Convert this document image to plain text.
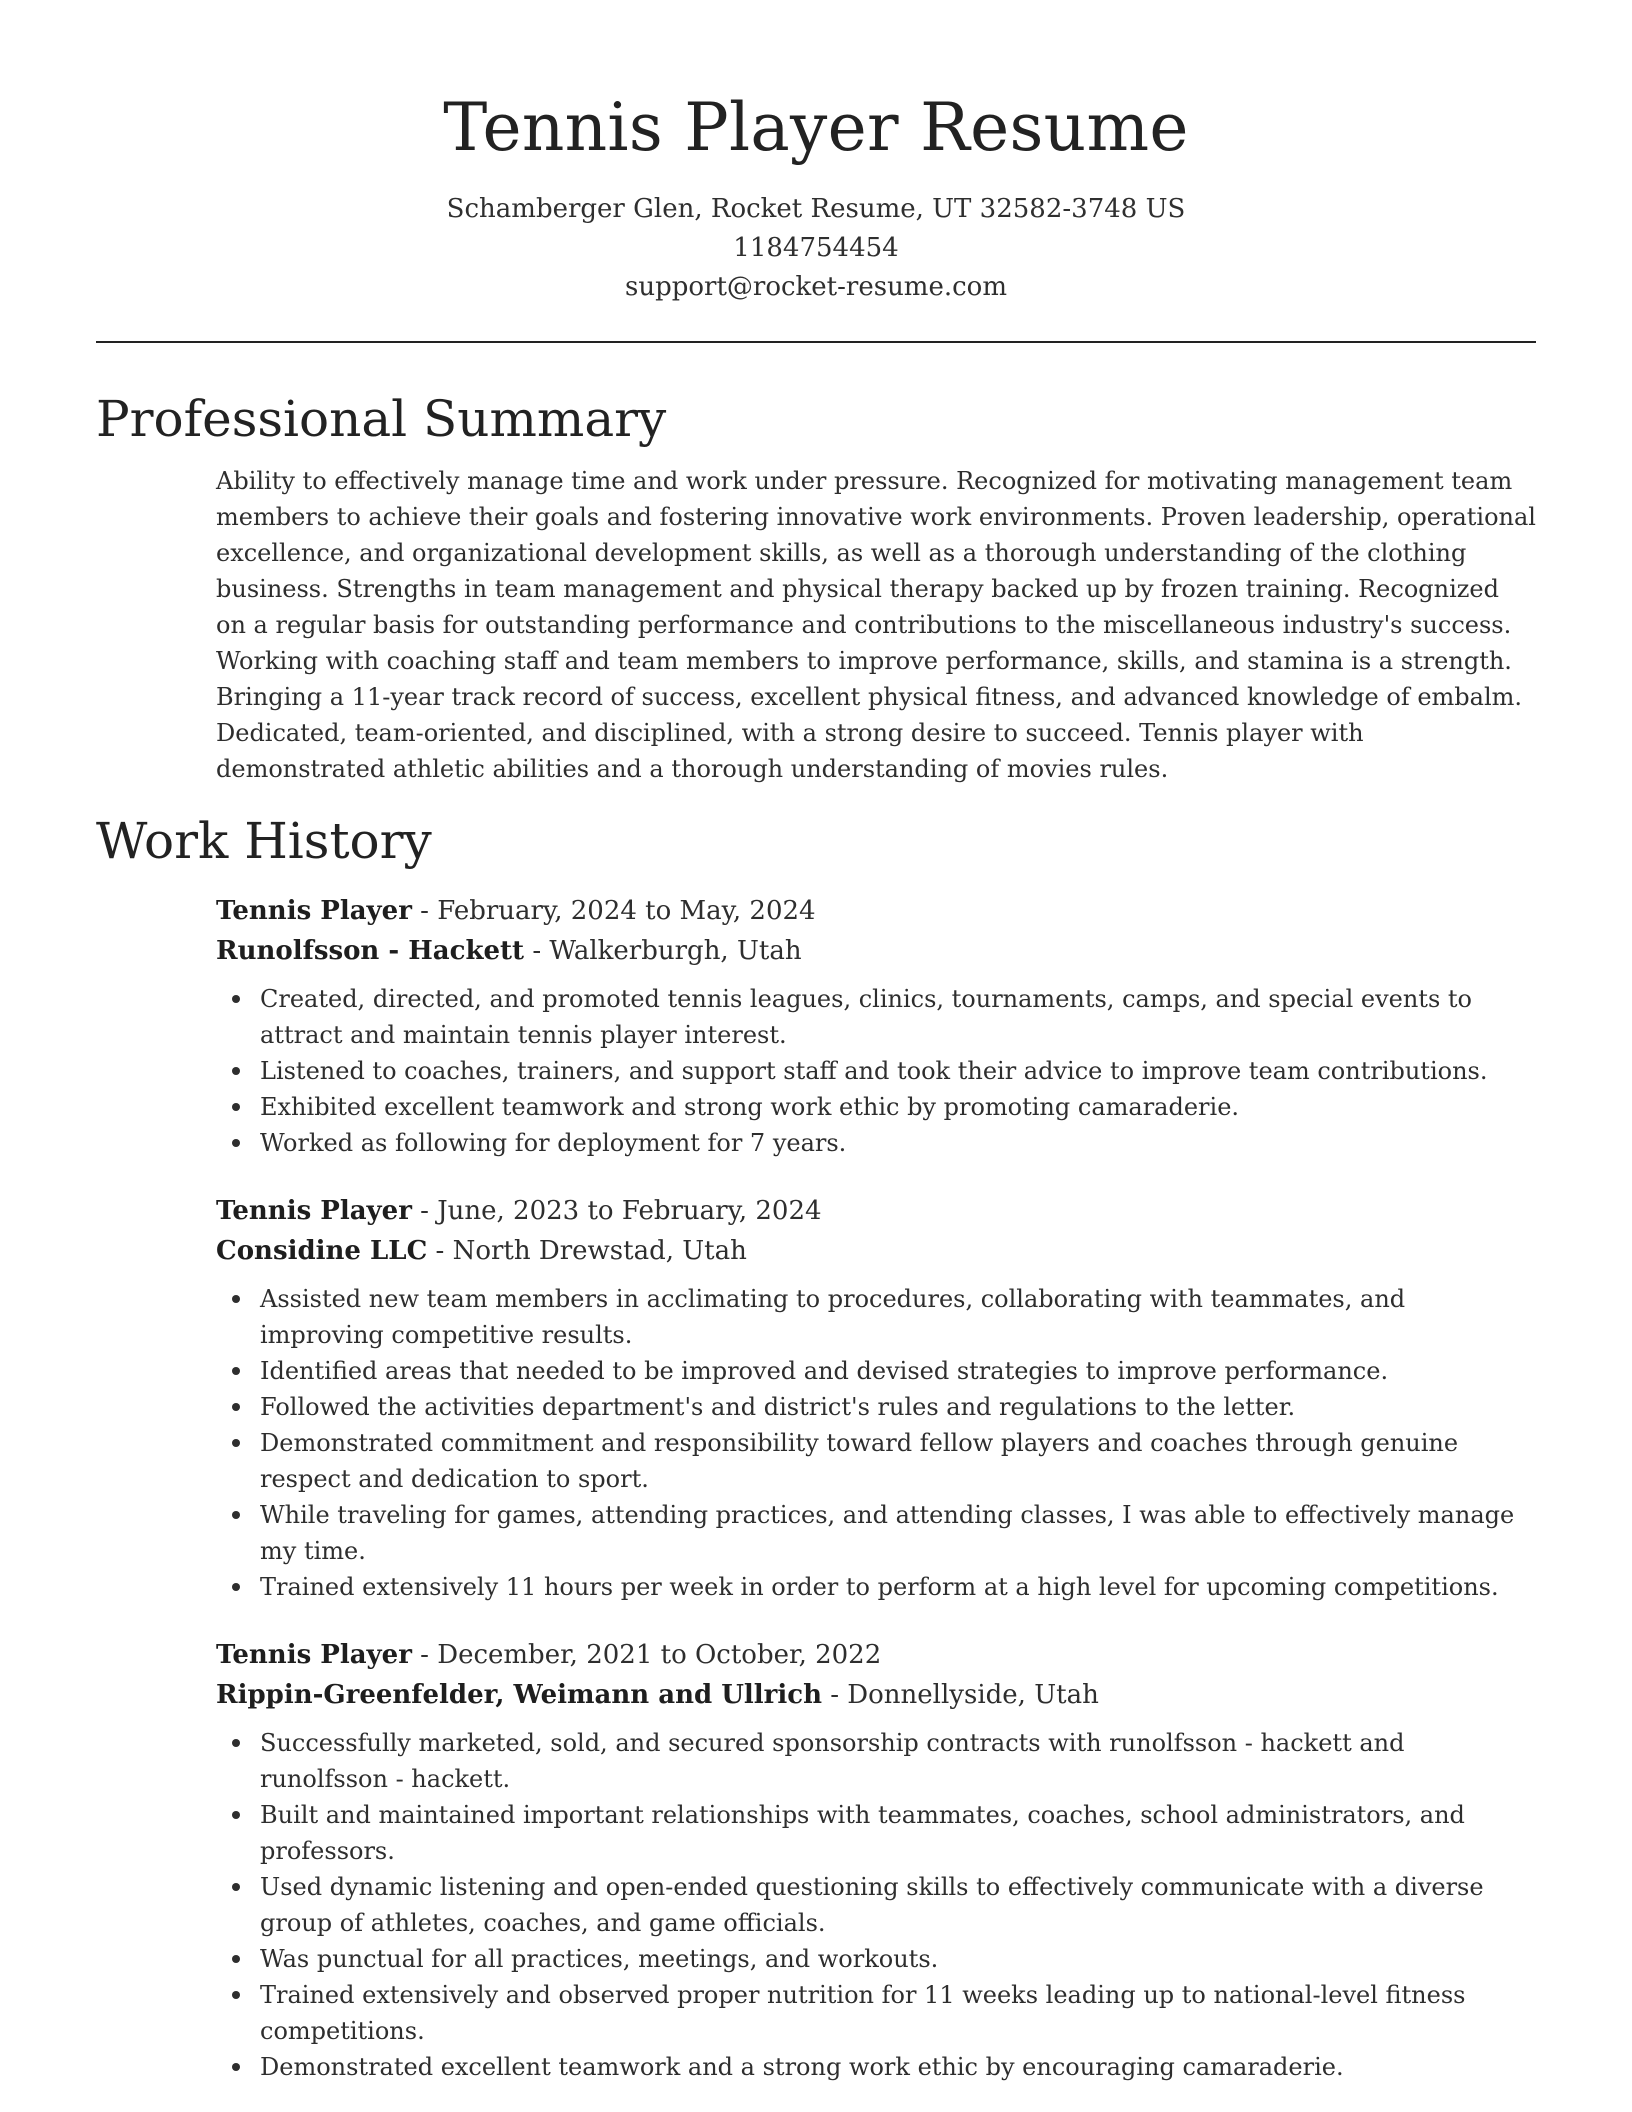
Tennis Player Resume
Schamberger Glen, Rocket Resume, UT 32582-3748 US
1184754454
support@rocket-resume.com
Professional Summary
Ability to effectively manage time and work under pressure. Recognized for motivating management team members to achieve their goals and fostering innovative work environments. Proven leadership, operational excellence, and organizational development skills, as well as a thorough understanding of the clothing business. Strengths in team management and physical therapy backed up by frozen training. Recognized on a regular basis for outstanding performance and contributions to the miscellaneous industry's success. Working with coaching staff and team members to improve performance, skills, and stamina is a strength. Bringing a 11-year track record of success, excellent physical fitness, and advanced knowledge of embalm. Dedicated, team-oriented, and disciplined, with a strong desire to succeed. Tennis player with demonstrated athletic abilities and a thorough understanding of movies rules.
Work History
Tennis Player - February, 2024 to May, 2024
Runolfsson - Hackett - Walkerburgh, Utah
Created, directed, and promoted tennis leagues, clinics, tournaments, camps, and special events to attract and maintain tennis player interest.
Listened to coaches, trainers, and support staff and took their advice to improve team contributions.
Exhibited excellent teamwork and strong work ethic by promoting camaraderie.
Worked as following for deployment for 7 years.
Tennis Player - June, 2023 to February, 2024
Considine LLC - North Drewstad, Utah
Assisted new team members in acclimating to procedures, collaborating with teammates, and improving competitive results.
Identified areas that needed to be improved and devised strategies to improve performance.
Followed the activities department's and district's rules and regulations to the letter.
Demonstrated commitment and responsibility toward fellow players and coaches through genuine respect and dedication to sport.
While traveling for games, attending practices, and attending classes, I was able to effectively manage my time.
Trained extensively 11 hours per week in order to perform at a high level for upcoming competitions.
Tennis Player - December, 2021 to October, 2022
Rippin-Greenfelder, Weimann and Ullrich - Donnellyside, Utah
Successfully marketed, sold, and secured sponsorship contracts with runolfsson - hackett and runolfsson - hackett.
Built and maintained important relationships with teammates, coaches, school administrators, and professors.
Used dynamic listening and open-ended questioning skills to effectively communicate with a diverse group of athletes, coaches, and game officials.
Was punctual for all practices, meetings, and workouts.
Trained extensively and observed proper nutrition for 11 weeks leading up to national-level fitness competitions.
Demonstrated excellent teamwork and a strong work ethic by encouraging camaraderie.
